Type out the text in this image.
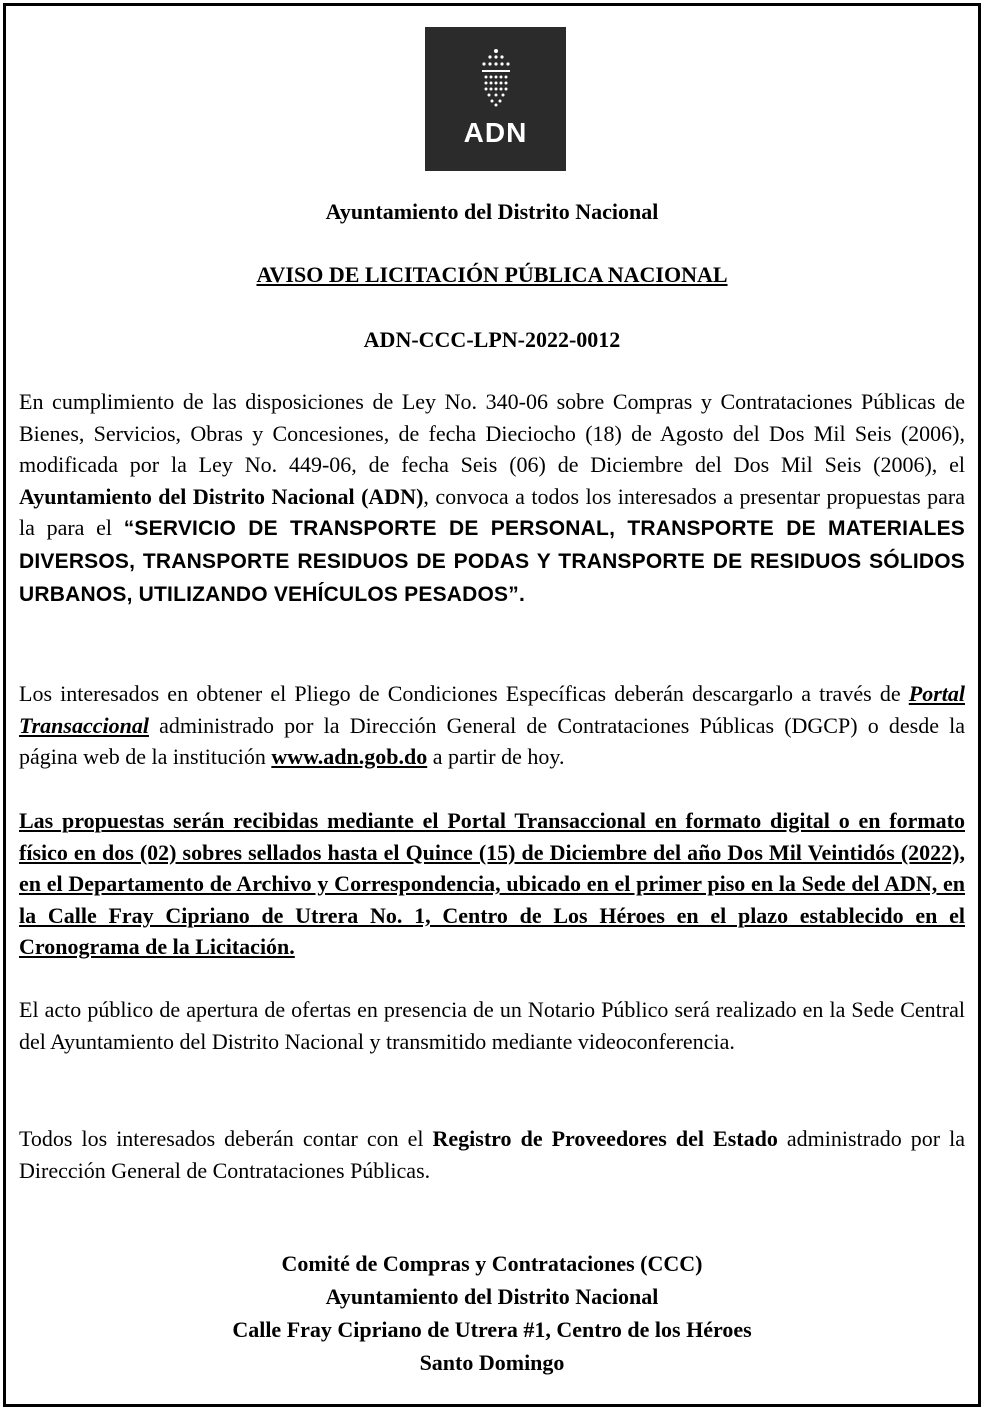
ADN
Ayuntamiento del Distrito Nacional
AVISO DE LICITACIÓN PÚBLICA NACIONAL
ADN-CCC-LPN-2022-0012
En cumplimiento de las disposiciones de Ley No. 340-06 sobre Compras y Contrataciones Públicas de Bienes, Servicios, Obras y Concesiones, de fecha Dieciocho (18) de Agosto del Dos Mil Seis (2006), modificada por la Ley No. 449-06, de fecha Seis (06) de Diciembre del Dos Mil Seis (2006), el Ayuntamiento del Distrito Nacional (ADN), convoca a todos los interesados a presentar propuestas para la para el “SERVICIO DE TRANSPORTE DE PERSONAL, TRANSPORTE DE MATERIALES DIVERSOS, TRANSPORTE RESIDUOS DE PODAS Y TRANSPORTE DE RESIDUOS SÓLIDOS URBANOS, UTILIZANDO VEHÍCULOS PESADOS”.
Los interesados en obtener el Pliego de Condiciones Específicas deberán descargarlo a través de Portal Transaccional administrado por la Dirección General de Contrataciones Públicas (DGCP) o desde la página web de la institución www.adn.gob.do a partir de hoy.
Las propuestas serán recibidas mediante el Portal Transaccional en formato digital o en formato físico en dos (02) sobres sellados hasta el Quince (15) de Diciembre del año Dos Mil Veintidós (2022), en el Departamento de Archivo y Correspondencia, ubicado en el primer piso en la Sede del ADN, en la Calle Fray Cipriano de Utrera No. 1, Centro de Los Héroes en el plazo establecido en el Cronograma de la Licitación.
El acto público de apertura de ofertas en presencia de un Notario Público será realizado en la Sede Central del Ayuntamiento del Distrito Nacional y transmitido mediante videoconferencia.
Todos los interesados deberán contar con el Registro de Proveedores del Estado administrado por la Dirección General de Contrataciones Públicas.
Comité de Compras y Contrataciones (CCC)
Ayuntamiento del Distrito Nacional
Calle Fray Cipriano de Utrera #1, Centro de los Héroes
Santo Domingo
